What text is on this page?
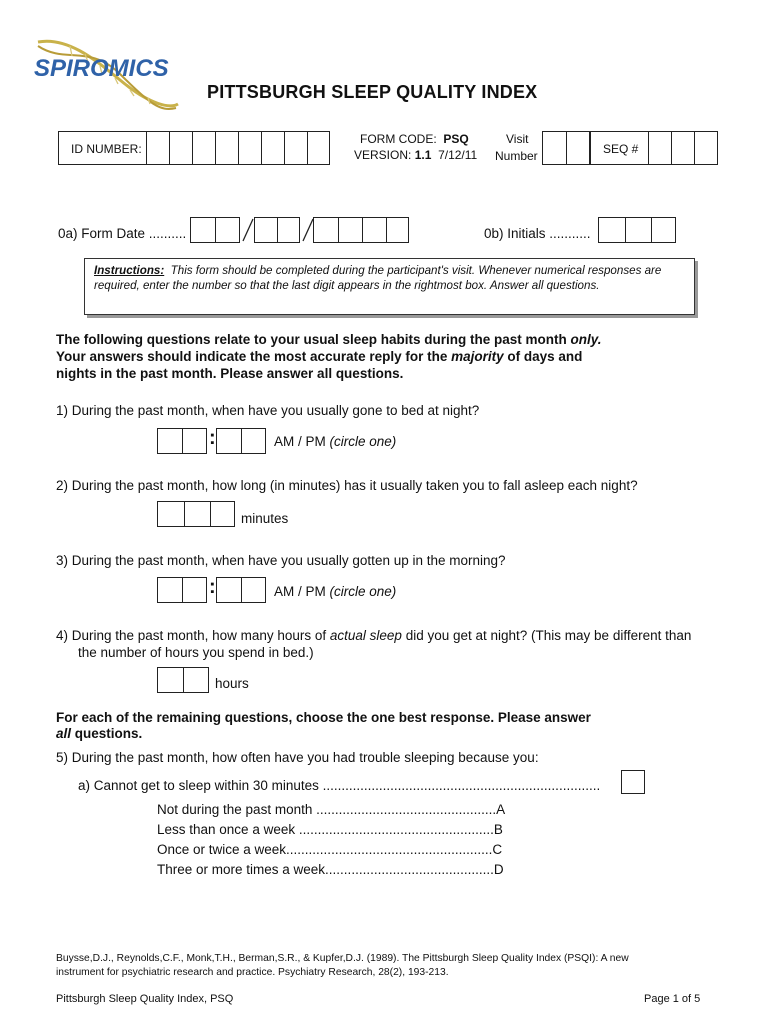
SPIROMICS
PITTSBURGH SLEEP QUALITY INDEX
ID NUMBER:
FORM CODE: PSQ
VERSION: 1.1 7/12/11
Visit
Number	SEQ #
0a) Form Date ..........	0b) Initials ...........
Instructions: This form should be completed during the participant's visit. Whenever numerical responses are required, enter the number so that the last digit appears in the rightmost box. Answer all questions.
The following questions relate to your usual sleep habits during the past month only.
Your answers should indicate the most accurate reply for the majority of days and
nights in the past month. Please answer all questions.
1) During the past month, when have you usually gone to bed at night?
:	AM / PM (circle one)
2) During the past month, how long (in minutes) has it usually taken you to fall asleep each night?
minutes
3) During the past month, when have you usually gotten up in the morning?
:	AM / PM (circle one)
4) During the past month, how many hours of actual sleep did you get at night? (This may be different than
the number of hours you spend in bed.)
hours
For each of the remaining questions, choose the one best response. Please answer
all questions.
5) During the past month, how often have you had trouble sleeping because you:
a) Cannot get to sleep within 30 minutes ..........................................................................
Not during the past month ................................................A
Less than once a week ....................................................B
Once or twice a week.......................................................C
Three or more times a week.............................................D
Buysse,D.J., Reynolds,C.F., Monk,T.H., Berman,S.R., & Kupfer,D.J. (1989). The Pittsburgh Sleep Quality Index (PSQI): A new
instrument for psychiatric research and practice. Psychiatry Research, 28(2), 193-213.
Pittsburgh Sleep Quality Index, PSQ	Page 1 of 5
